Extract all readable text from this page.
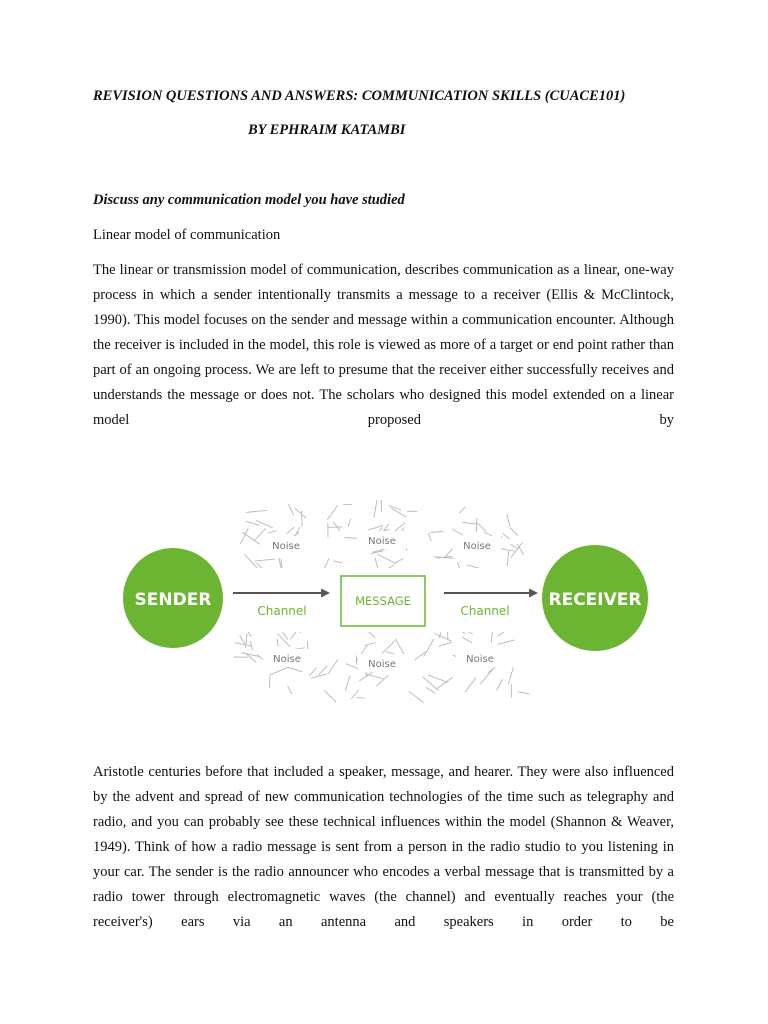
REVISION QUESTIONS AND ANSWERS: COMMUNICATION SKILLS (CUACE101)
BY EPHRAIM KATAMBI
Discuss any communication model you have studied
Linear model of communication

The linear or transmission model of communication, describes communication as a linear, one-way process in which a sender intentionally transmits a message to a receiver (Ellis & McClintock, 1990). This model focuses on the sender and message within a communication encounter. Although the receiver is included in the model, this role is viewed as more of a target or end point rather than part of an ongoing process. We are left to presume that the receiver either successfully receives and understands the message or does not. The scholars who designed this model extended on a linear model proposed by

Noise	Noise	Noise
Noise	Noise	Noise
SENDER	RECEIVER
Channel
MESSAGE
Channel

Aristotle centuries before that included a speaker, message, and hearer. They were also influenced by the advent and spread of new communication technologies of the time such as telegraphy and radio, and you can probably see these technical influences within the model (Shannon & Weaver, 1949). Think of how a radio message is sent from a person in the radio studio to you listening in your car. The sender is the radio announcer who encodes a verbal message that is transmitted by a radio tower through electromagnetic waves (the channel) and eventually reaches your (the receiver's) ears via an antenna and speakers in order to be
